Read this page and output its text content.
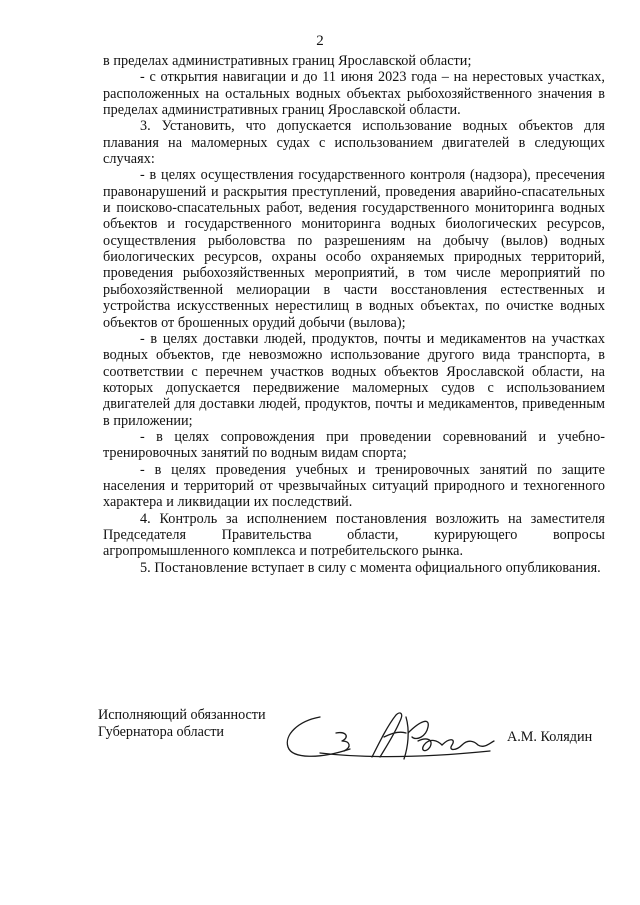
2

в пределах административных границ Ярославской области;

- с открытия навигации и до 11 июня 2023 года – на нерестовых участках, расположенных на остальных водных объектах рыбохозяйственного значения в пределах административных границ Ярославской области.

3. Установить, что допускается использование водных объектов для плавания на маломерных судах с использованием двигателей в следующих случаях:

- в целях осуществления государственного контроля (надзора), пресечения правонарушений и раскрытия преступлений, проведения аварийно-спасательных и поисково-спасательных работ, ведения государственного мониторинга водных объектов и государственного мониторинга водных биологических ресурсов, осуществления рыболовства по разрешениям на добычу (вылов) водных биологических ресурсов, охраны особо охраняемых природных территорий, проведения рыбохозяйственных мероприятий, в том числе мероприятий по рыбохозяйственной мелиорации в части восстановления естественных и устройства искусственных нерестилищ в водных объектах, по очистке водных объектов от брошенных орудий добычи (вылова);

- в целях доставки людей, продуктов, почты и медикаментов на участках водных объектов, где невозможно использование другого вида транспорта, в соответствии с перечнем участков водных объектов Ярославской области, на которых допускается передвижение маломерных судов с использованием двигателей для доставки людей, продуктов, почты и медикаментов, приведенным в приложении;

- в целях сопровождения при проведении соревнований и учебно-тренировочных занятий по водным видам спорта;

- в целях проведения учебных и тренировочных занятий по защите населения и территорий от чрезвычайных ситуаций природного и техногенного характера и ликвидации их последствий.

4. Контроль за исполнением постановления возложить на заместителя Председателя Правительства области, курирующего вопросы агропромышленного комплекса и потребительского рынка.

5. Постановление вступает в силу с момента официального опубликования.

Исполняющий обязанности
Губернатора области	А.М. Колядин
